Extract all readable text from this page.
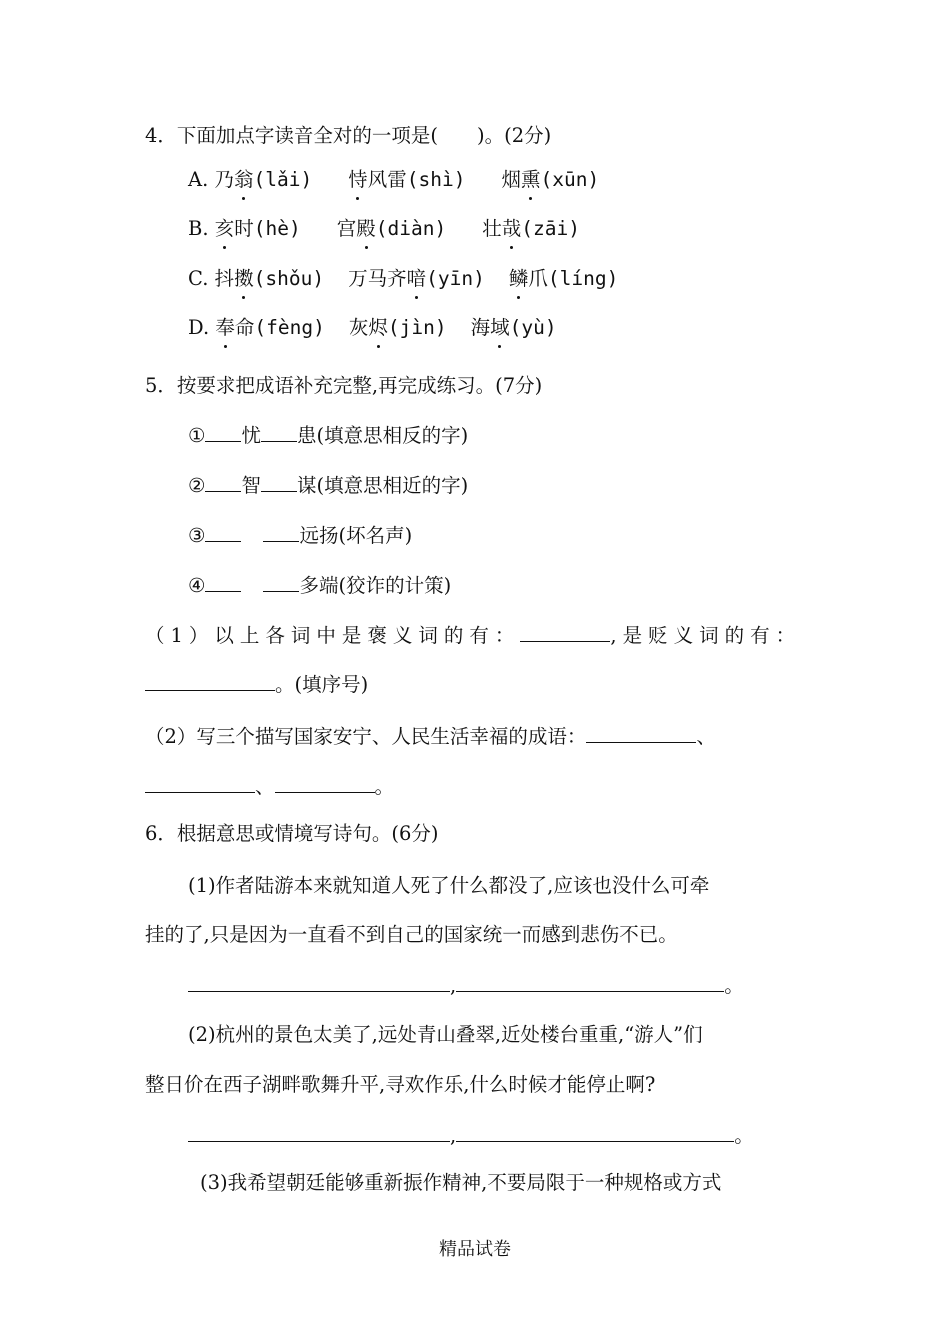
4．下面加点字读音全对的一项是(　　)。(2分)
A. 乃翁(lǎi) 恃风雷(shì) 烟熏(xūn)
B. 亥时(hè) 宫殿(diàn) 壮哉(zāi)
C. 抖擞(shǒu) 万马齐喑(yīn) 鳞爪(líng)
D. 奉命(fèng) 灰烬(jìn) 海域(yù)
5．按要求把成语补充完整,再完成练习。(7分)
① 忧 患(填意思相反的字)
② 智 谋(填意思相近的字)
③	远扬(坏名声)
④	多端(狡诈的计策)
（1）以上各词中是褒义词的有：	,是贬义词的有：
。(填序号)
（2）写三个描写国家安宁、人民生活幸福的成语：	、
、	。
6．根据意思或情境写诗句。(6分)
(1)作者陆游本来就知道人死了什么都没了,应该也没什么可牵
挂的了,只是因为一直看不到自己的国家统一而感到悲伤不已。
,	。
(2)杭州的景色太美了,远处青山叠翠,近处楼台重重,“游人”们
整日价在西子湖畔歌舞升平,寻欢作乐,什么时候才能停止啊?
,	。
(3)我希望朝廷能够重新振作精神,不要局限于一种规格或方式
精品试卷
